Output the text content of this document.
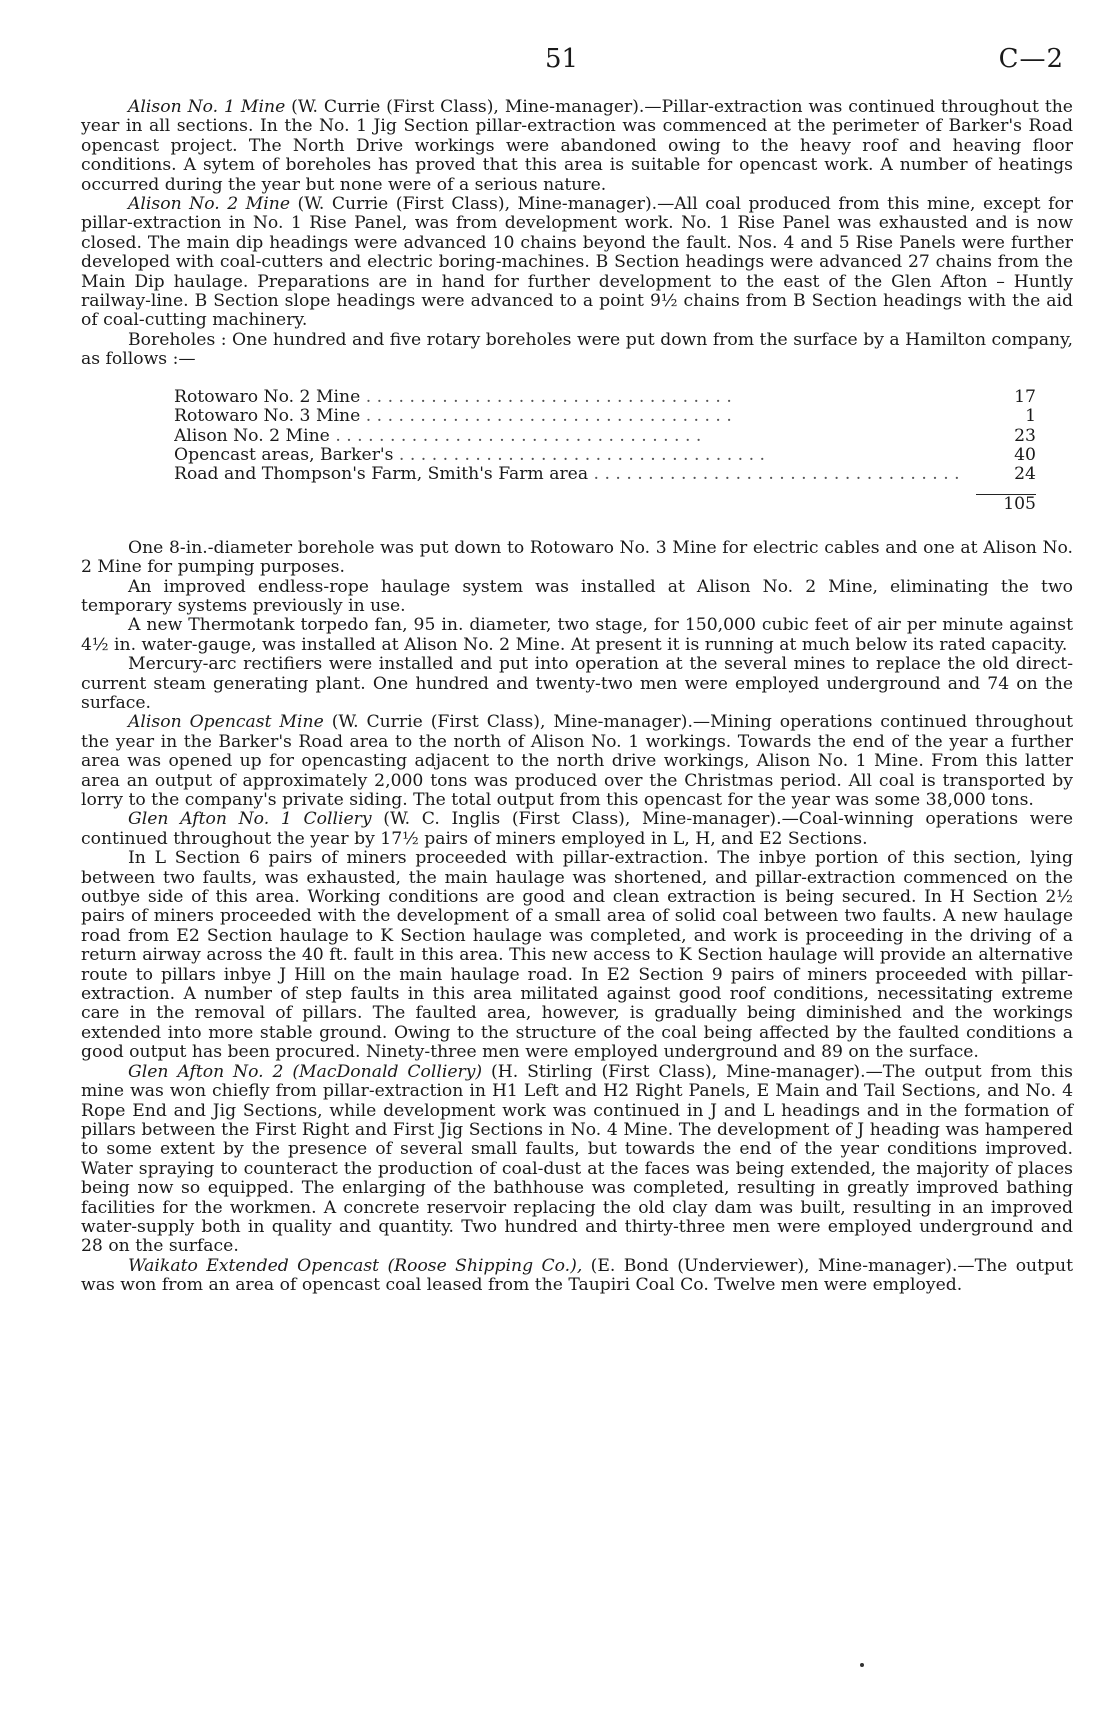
51	C—2

Alison No. 1 Mine (W. Currie (First Class), Mine-manager).—Pillar-extraction was continued throughout the year in all sections. In the No. 1 Jig Section pillar-extraction was commenced at the perimeter of Barker's Road opencast project. The North Drive workings were abandoned owing to the heavy roof and heaving floor conditions. A sytem of boreholes has proved that this area is suitable for opencast work. A number of heatings occurred during the year but none were of a serious nature.

Alison No. 2 Mine (W. Currie (First Class), Mine-manager).—All coal produced from this mine, except for pillar-extraction in No. 1 Rise Panel, was from development work. No. 1 Rise Panel was exhausted and is now closed. The main dip headings were advanced 10 chains beyond the fault. Nos. 4 and 5 Rise Panels were further developed with coal-cutters and electric boring-machines. B Section headings were advanced 27 chains from the Main Dip haulage. Preparations are in hand for further development to the east of the Glen Afton – Huntly railway-line. B Section slope headings were advanced to a point 9½ chains from B Section headings with the aid of coal-cutting machinery.

Boreholes : One hundred and five rotary boreholes were put down from the surface by a Hamilton company, as follows :—

Rotowaro No. 2 Mine . .	17
Rotowaro No. 3 Mine . .	1
Alison No. 2 Mine . .	23
Opencast areas, Barker's . .	40
Road and Thompson's Farm, Smith's Farm area . .	24

	105

One 8-in.-diameter borehole was put down to Rotowaro No. 3 Mine for electric cables and one at Alison No. 2 Mine for pumping purposes.

An improved endless-rope haulage system was installed at Alison No. 2 Mine, eliminating the two temporary systems previously in use.

A new Thermotank torpedo fan, 95 in. diameter, two stage, for 150,000 cubic feet of air per minute against 4½ in. water-gauge, was installed at Alison No. 2 Mine. At present it is running at much below its rated capacity.

Mercury-arc rectifiers were installed and put into operation at the several mines to replace the old direct-current steam generating plant. One hundred and twenty-two men were employed underground and 74 on the surface.

Alison Opencast Mine (W. Currie (First Class), Mine-manager).—Mining operations continued throughout the year in the Barker's Road area to the north of Alison No. 1 workings. Towards the end of the year a further area was opened up for opencasting adjacent to the north drive workings, Alison No. 1 Mine. From this latter area an output of approximately 2,000 tons was produced over the Christmas period. All coal is transported by lorry to the company's private siding. The total output from this opencast for the year was some 38,000 tons.

Glen Afton No. 1 Colliery (W. C. Inglis (First Class), Mine-manager).—Coal-winning operations were continued throughout the year by 17½ pairs of miners employed in L, H, and E2 Sections.

In L Section 6 pairs of miners proceeded with pillar-extraction. The inbye portion of this section, lying between two faults, was exhausted, the main haulage was shortened, and pillar-extraction commenced on the outbye side of this area. Working conditions are good and clean extraction is being secured. In H Section 2½ pairs of miners proceeded with the development of a small area of solid coal between two faults. A new haulage road from E2 Section haulage to K Section haulage was completed, and work is proceeding in the driving of a return airway across the 40 ft. fault in this area. This new access to K Section haulage will provide an alternative route to pillars inbye J Hill on the main haulage road. In E2 Section 9 pairs of miners proceeded with pillar-extraction. A number of step faults in this area militated against good roof conditions, necessitating extreme care in the removal of pillars. The faulted area, however, is gradually being diminished and the workings extended into more stable ground. Owing to the structure of the coal being affected by the faulted conditions a good output has been procured. Ninety-three men were employed underground and 89 on the surface.

Glen Afton No. 2 (MacDonald Colliery) (H. Stirling (First Class), Mine-manager).—The output from this mine was won chiefly from pillar-extraction in H1 Left and H2 Right Panels, E Main and Tail Sections, and No. 4 Rope End and Jig Sections, while development work was continued in J and L headings and in the formation of pillars between the First Right and First Jig Sections in No. 4 Mine. The development of J heading was hampered to some extent by the presence of several small faults, but towards the end of the year conditions improved. Water spraying to counteract the production of coal-dust at the faces was being extended, the majority of places being now so equipped. The enlarging of the bathhouse was completed, resulting in greatly improved bathing facilities for the workmen. A concrete reservoir replacing the old clay dam was built, resulting in an improved water-supply both in quality and quantity. Two hundred and thirty-three men were employed underground and 28 on the surface.

Waikato Extended Opencast (Roose Shipping Co.), (E. Bond (Underviewer), Mine-manager).—The output was won from an area of opencast coal leased from the Taupiri Coal Co. Twelve men were employed.
